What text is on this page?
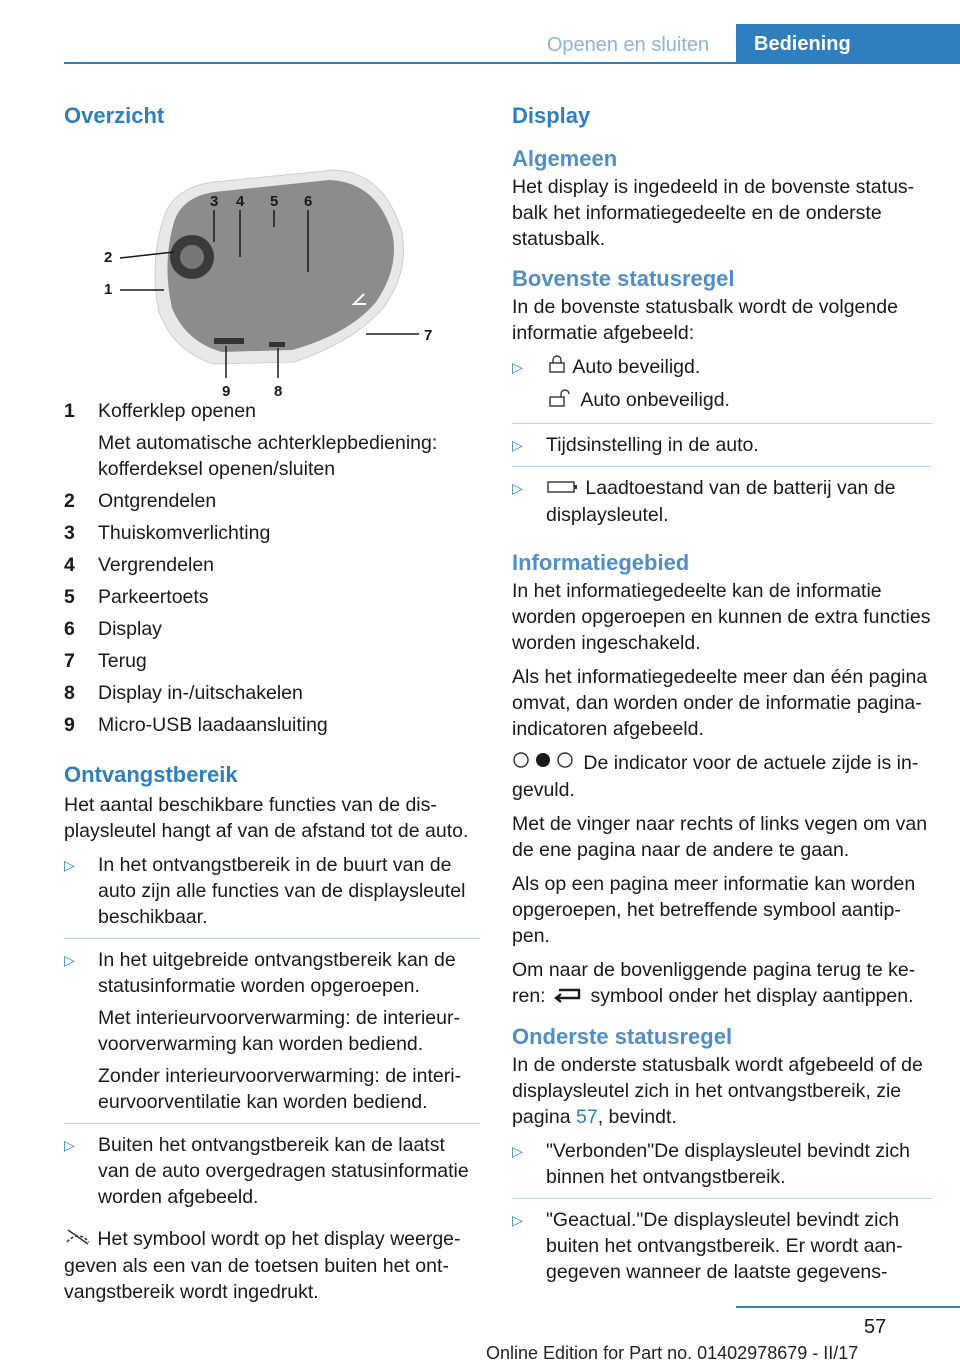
Openen en sluiten	Bediening
Overzicht
3 4 5 6
2
1
7
9	8
1	Kofferklep openen
Met automatische achterklepbediening: kofferdeksel openen/sluiten
2	Ontgrendelen
3	Thuiskomverlichting
4	Vergrendelen
5	Parkeertoets
6	Display
7	Terug
8	Display in-/uitschakelen
9	Micro-USB laadaansluiting
Ontvangstbereik

Het aantal beschikbare functies van de displaysleutel hangt af van de afstand tot de auto.

▷	In het ontvangstbereik in de buurt van de auto zijn alle functies van de displaysleutel beschikbaar.
▷	In het uitgebreide ontvangstbereik kan de statusinformatie worden opgeroepen.
Met interieurvoorverwarming: de interieurvoorverwarming kan worden bediend.
Zonder interieurvoorverwarming: de interieurvoorventilatie kan worden bediend.
▷	Buiten het ontvangstbereik kan de laatst van de auto overgedragen statusinformatie worden afgebeeld.

Het symbool wordt op het display weergegeven als een van de toetsen buiten het ontvangstbereik wordt ingedrukt.

Display
Algemeen

Het display is ingedeeld in de bovenste statusbalk het informatiegedeelte en de onderste statusbalk.

Bovenste statusregel

In de bovenste statusbalk wordt de volgende informatie afgebeeld:

▷	Auto beveiligd.
Auto onbeveiligd.
▷	Tijdsinstelling in de auto.
▷	Laadtoestand van de batterij van de displaysleutel.
Informatiegebied

In het informatiegedeelte kan de informatie worden opgeroepen en kunnen de extra functies worden ingeschakeld.

Als het informatiegedeelte meer dan één pagina omvat, dan worden onder de informatie pagina-indicatoren afgebeeld.

De indicator voor de actuele zijde is ingevuld.

Met de vinger naar rechts of links vegen om van de ene pagina naar de andere te gaan.

Als op een pagina meer informatie kan worden opgeroepen, het betreffende symbool aantippen.

Om naar de bovenliggende pagina terug te keren: symbool onder het display aantippen.

Onderste statusregel

In de onderste statusbalk wordt afgebeeld of de displaysleutel zich in het ontvangstbereik, zie pagina 57, bevindt.

▷	"Verbonden"De displaysleutel bevindt zich binnen het ontvangstbereik.
▷	"Geactual."De displaysleutel bevindt zich buiten het ontvangstbereik. Er wordt aangegeven wanneer de laatste gegevens-
57
Online Edition for Part no. 01402978679 - II/17
